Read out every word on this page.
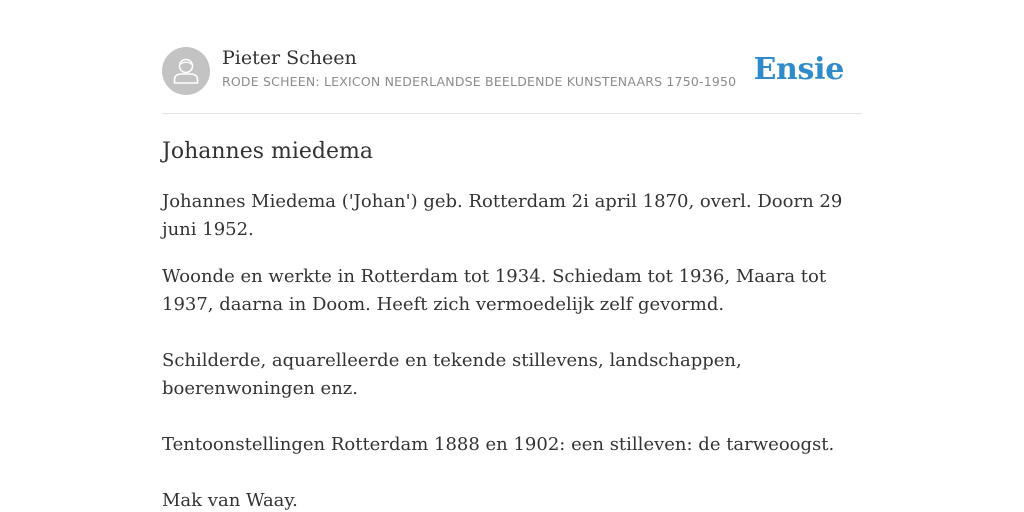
Pieter Scheen
RODE SCHEEN: LEXICON NEDERLANDSE BEELDENDE KUNSTENAARS 1750-1950 Ensie
Johannes miedema

Johannes Miedema ('Johan') geb. Rotterdam 2i april 1870, overl. Doorn 29 juni 1952.

Woonde en werkte in Rotterdam tot 1934. Schiedam tot 1936, Maara tot 1937, daarna in Doom. Heeft zich vermoedelijk zelf gevormd.

Schilderde, aquarelleerde en tekende stillevens, landschappen, boerenwoningen enz.

Tentoonstellingen Rotterdam 1888 en 1902: een stilleven: de tarweoogst.

Mak van Waay.
